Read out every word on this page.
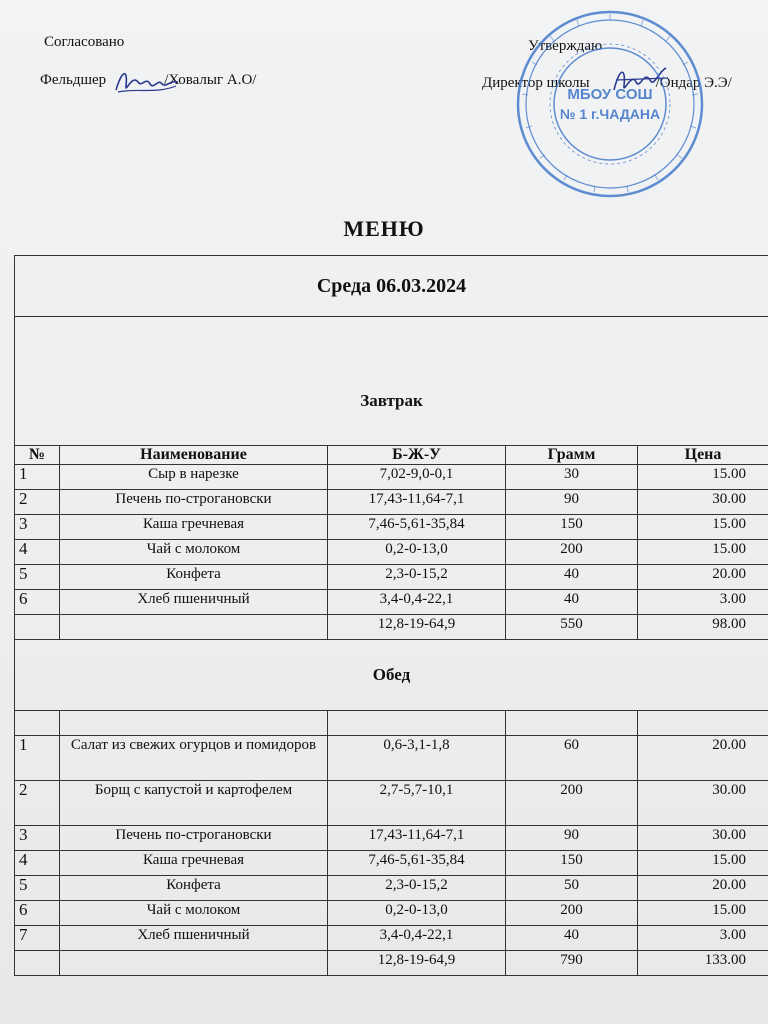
Согласовано	Утверждаю
Фельдшер	/Ховалыг А.О/	Директор школы	/Ондар Э.Э/
МБОУ СОШ
№ 1 г.ЧАДАНА
МЕНЮ
Среда 06.03.2024				
Завтрак				
№	Наименование	Б-Ж-У	Грамм	Цена
1	Сыр в нарезке	7,02-9,0-0,1	30	15.00
2	Печень по-строгановски	17,43-11,64-7,1	90	30.00
3	Каша гречневая	7,46-5,61-35,84	150	15.00
4	Чай с молоком	0,2-0-13,0	200	15.00
5	Конфета	2,3-0-15,2	40	20.00
6	Хлеб пшеничный	3,4-0,4-22,1	40	3.00
		12,8-19-64,9	550	98.00
Обед				

1	Салат из свежих огурцов и помидоров	0,6-3,1-1,8	60	20.00
2	Борщ с капустой и картофелем	2,7-5,7-10,1	200	30.00
3	Печень по-строгановски	17,43-11,64-7,1	90	30.00
4	Каша гречневая	7,46-5,61-35,84	150	15.00
5	Конфета	2,3-0-15,2	50	20.00
6	Чай с молоком	0,2-0-13,0	200	15.00
7	Хлеб пшеничный	3,4-0,4-22,1	40	3.00
		12,8-19-64,9	790	133.00
